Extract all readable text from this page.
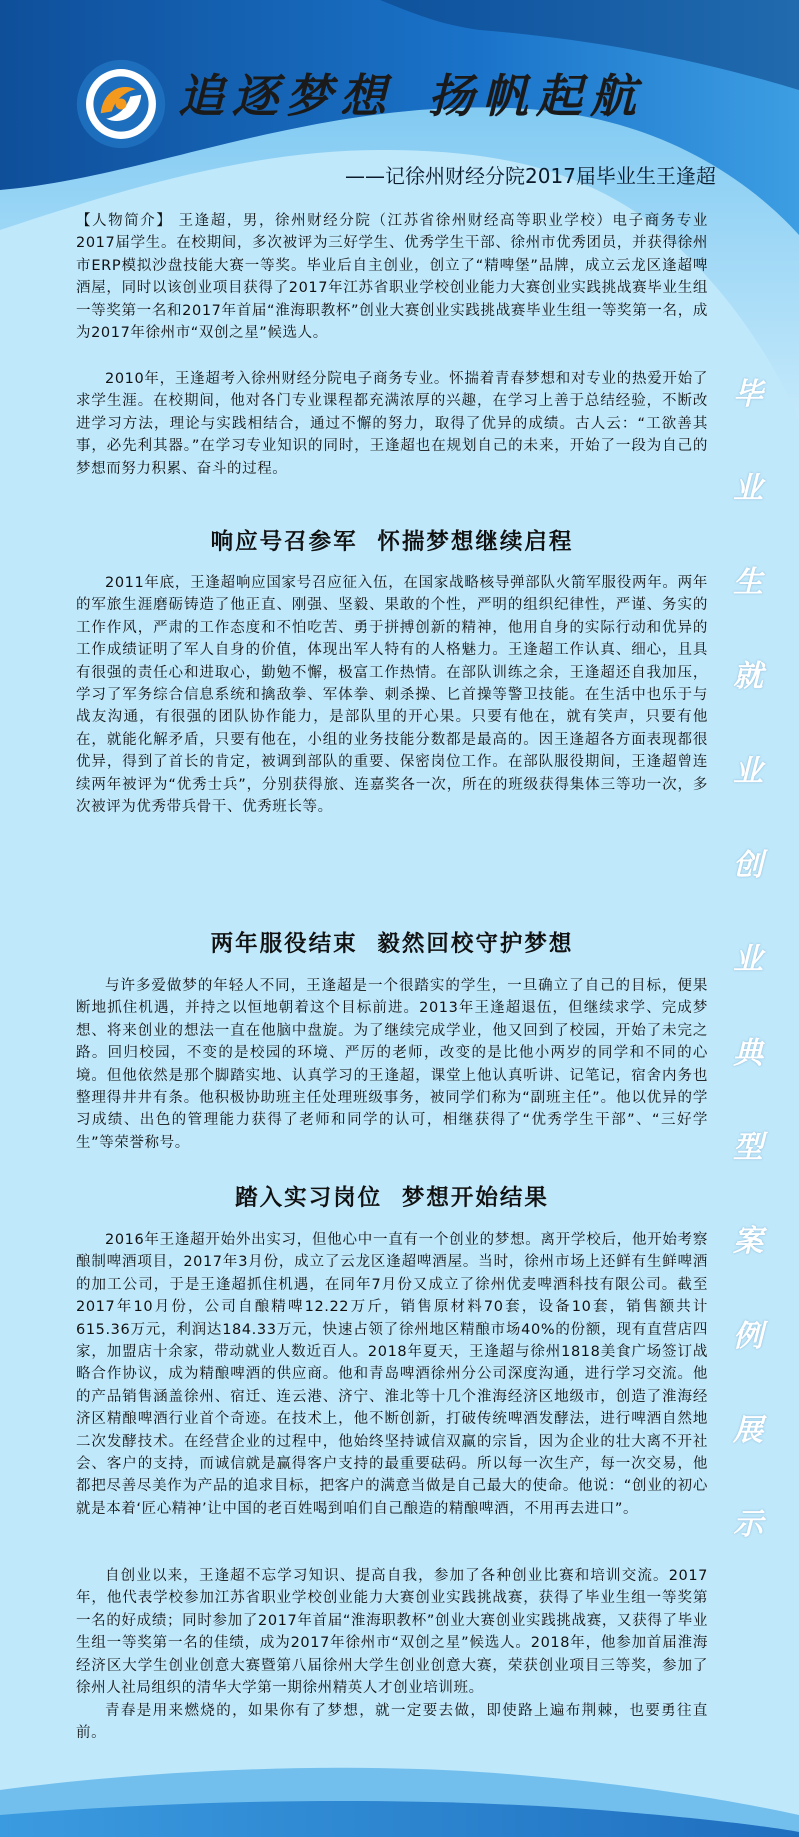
追逐梦想 扬帆起航
——记徐州财经分院2017届毕业生王逢超
毕
业
生
就
业
创
业
典
型
案
例
展
示

【人物简介】 王逢超，男，徐州财经分院（江苏省徐州财经高等职业学校）电子商务专业2017届学生。在校期间，多次被评为三好学生、优秀学生干部、徐州市优秀团员，并获得徐州市ERP模拟沙盘技能大赛一等奖。毕业后自主创业，创立了“精啤堡”品牌，成立云龙区逢超啤酒屋，同时以该创业项目获得了2017年江苏省职业学校创业能力大赛创业实践挑战赛毕业生组一等奖第一名和2017年首届“淮海职教杯”创业大赛创业实践挑战赛毕业生组一等奖第一名，成为2017年徐州市“双创之星”候选人。

2010年，王逢超考入徐州财经分院电子商务专业。怀揣着青春梦想和对专业的热爱开始了求学生涯。在校期间，他对各门专业课程都充满浓厚的兴趣，在学习上善于总结经验，不断改进学习方法，理论与实践相结合，通过不懈的努力，取得了优异的成绩。古人云：“工欲善其事，必先利其器。”在学习专业知识的同时，王逢超也在规划自己的未来，开始了一段为自己的梦想而努力积累、奋斗的过程。

响应号召参军  怀揣梦想继续启程

2011年底，王逢超响应国家号召应征入伍，在国家战略核导弹部队火箭军服役两年。两年的军旅生涯磨砺铸造了他正直、刚强、坚毅、果敢的个性，严明的组织纪律性，严谨、务实的工作作风，严肃的工作态度和不怕吃苦、勇于拼搏创新的精神，他用自身的实际行动和优异的工作成绩证明了军人自身的价值，体现出军人特有的人格魅力。王逢超工作认真、细心，且具有很强的责任心和进取心，勤勉不懈，极富工作热情。在部队训练之余，王逢超还自我加压，学习了军务综合信息系统和擒敌拳、军体拳、刺杀操、匕首操等警卫技能。在生活中也乐于与战友沟通，有很强的团队协作能力，是部队里的开心果。只要有他在，就有笑声，只要有他在，就能化解矛盾，只要有他在，小组的业务技能分数都是最高的。因王逢超各方面表现都很优异，得到了首长的肯定，被调到部队的重要、保密岗位工作。在部队服役期间，王逢超曾连续两年被评为“优秀士兵”，分别获得旅、连嘉奖各一次，所在的班级获得集体三等功一次，多次被评为优秀带兵骨干、优秀班长等。

两年服役结束  毅然回校守护梦想

与许多爱做梦的年轻人不同，王逢超是一个很踏实的学生，一旦确立了自己的目标，便果断地抓住机遇，并持之以恒地朝着这个目标前进。2013年王逢超退伍，但继续求学、完成梦想、将来创业的想法一直在他脑中盘旋。为了继续完成学业，他又回到了校园，开始了未完之路。回归校园，不变的是校园的环境、严厉的老师，改变的是比他小两岁的同学和不同的心境。但他依然是那个脚踏实地、认真学习的王逢超，课堂上他认真听讲、记笔记，宿舍内务也整理得井井有条。他积极协助班主任处理班级事务，被同学们称为“副班主任”。他以优异的学习成绩、出色的管理能力获得了老师和同学的认可，相继获得了“优秀学生干部”、“三好学生”等荣誉称号。

踏入实习岗位  梦想开始结果

2016年王逢超开始外出实习，但他心中一直有一个创业的梦想。离开学校后，他开始考察酿制啤酒项目，2017年3月份，成立了云龙区逢超啤酒屋。当时，徐州市场上还鲜有生鲜啤酒的加工公司，于是王逢超抓住机遇，在同年7月份又成立了徐州优麦啤酒科技有限公司。截至2017年10月份，公司自酿精啤12.22万斤，销售原材料70套，设备10套，销售额共计615.36万元，利润达184.33万元，快速占领了徐州地区精酿市场40%的份额，现有直营店四家，加盟店十余家，带动就业人数近百人。2018年夏天，王逢超与徐州1818美食广场签订战略合作协议，成为精酿啤酒的供应商。他和青岛啤酒徐州分公司深度沟通，进行学习交流。他的产品销售涵盖徐州、宿迁、连云港、济宁、淮北等十几个淮海经济区地级市，创造了淮海经济区精酿啤酒行业首个奇迹。在技术上，他不断创新，打破传统啤酒发酵法，进行啤酒自然地二次发酵技术。在经营企业的过程中，他始终坚持诚信双赢的宗旨，因为企业的壮大离不开社会、客户的支持，而诚信就是赢得客户支持的最重要砝码。所以每一次生产，每一次交易，他都把尽善尽美作为产品的追求目标，把客户的满意当做是自己最大的使命。他说：“创业的初心就是本着‘匠心精神’让中国的老百姓喝到咱们自己酿造的精酿啤酒，不用再去进口”。

自创业以来，王逢超不忘学习知识、提高自我，参加了各种创业比赛和培训交流。2017年，他代表学校参加江苏省职业学校创业能力大赛创业实践挑战赛，获得了毕业生组一等奖第一名的好成绩；同时参加了2017年首届“淮海职教杯”创业大赛创业实践挑战赛，又获得了毕业生组一等奖第一名的佳绩，成为2017年徐州市“双创之星”候选人。2018年，他参加首届淮海经济区大学生创业创意大赛暨第八届徐州大学生创业创意大赛，荣获创业项目三等奖，参加了徐州人社局组织的清华大学第一期徐州精英人才创业培训班。

青春是用来燃烧的，如果你有了梦想，就一定要去做，即使路上遍布荆棘，也要勇往直前。
